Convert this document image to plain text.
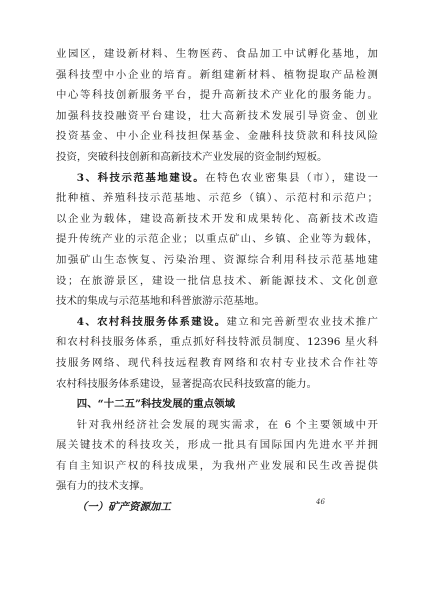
业园区，建设新材料、生物医药、食品加工中试孵化基地，加
强科技型中小企业的培育。新组建新材料、植物提取产品检测
中心等科技创新服务平台，提升高新技术产业化的服务能力。
加强科技投融资平台建设，壮大高新技术发展引导资金、创业
投资基金、中小企业科技担保基金、金融科技贷款和科技风险
投资，突破科技创新和高新技术产业发展的资金制约短板。
3、科技示范基地建设。在特色农业密集县（市），建设一
批种植、养殖科技示范基地、示范乡（镇）、示范村和示范户；
以企业为载体，建设高新技术开发和成果转化、高新技术改造
提升传统产业的示范企业；以重点矿山、乡镇、企业等为载体，
加强矿山生态恢复、污染治理、资源综合利用科技示范基地建
设；在旅游景区，建设一批信息技术、新能源技术、文化创意
技术的集成与示范基地和科普旅游示范基地。
4、农村科技服务体系建设。建立和完善新型农业技术推广
和农村科技服务体系，重点抓好科技特派员制度、12396 星火科
技服务网络、现代科技远程教育网络和农村专业技术合作社等
农村科技服务体系建设，显著提高农民科技致富的能力。
四、“十二五”科技发展的重点领域
针对我州经济社会发展的现实需求，在 6 个主要领域中开
展关键技术的科技攻关，形成一批具有国际国内先进水平并拥
有自主知识产权的科技成果，为我州产业发展和民生改善提供
强有力的技术支撑。
（一）矿产资源加工	46
